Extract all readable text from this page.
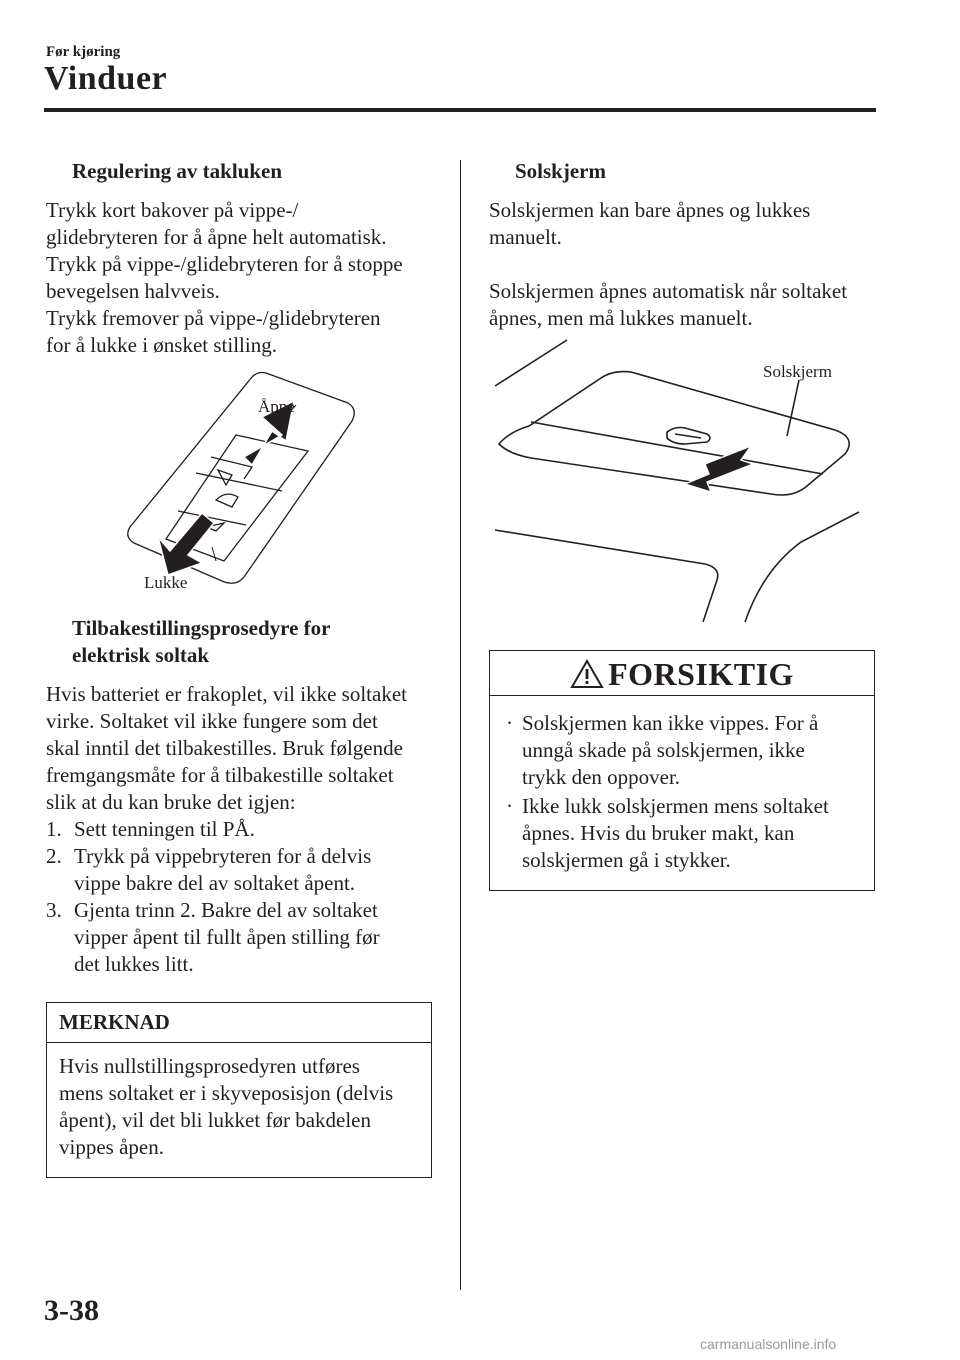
Før kjøring
Vinduer
Regulering av takluken
Trykk kort bakover på vippe-/
glidebryteren for å åpne helt automatisk.
Trykk på vippe-/glidebryteren for å stoppe
bevegelsen halvveis.
Trykk fremover på vippe-/glidebryteren
for å lukke i ønsket stilling.
Åpne
Lukke
Tilbakestillingsprosedyre for
elektrisk soltak
Hvis batteriet er frakoplet, vil ikke soltaket
virke. Soltaket vil ikke fungere som det
skal inntil det tilbakestilles. Bruk følgende
fremgangsmåte for å tilbakestille soltaket
slik at du kan bruke det igjen:
1. Sett tenningen til PÅ.
2. Trykk på vippebryteren for å delvis
vippe bakre del av soltaket åpent.
3. Gjenta trinn 2. Bakre del av soltaket
vipper åpent til fullt åpen stilling før
det lukkes litt.
MERKNAD
Hvis nullstillingsprosedyren utføres
mens soltaket er i skyveposisjon (delvis
åpent), vil det bli lukket før bakdelen
vippes åpen.
Solskjerm
Solskjermen kan bare åpnes og lukkes
manuelt.
Solskjermen åpnes automatisk når soltaket
åpnes, men må lukkes manuelt.
Solskjerm
FORSIKTIG
· Solskjermen kan ikke vippes. For å
unngå skade på solskjermen, ikke
trykk den oppover.
· Ikke lukk solskjermen mens soltaket
åpnes. Hvis du bruker makt, kan
solskjermen gå i stykker.
3-38
carmanualsonline.info
